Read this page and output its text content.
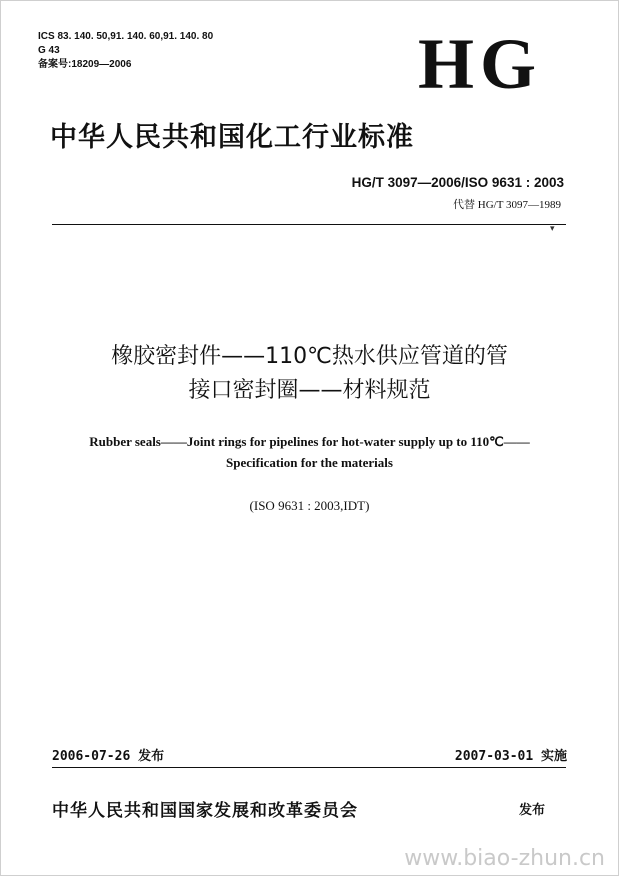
ICS 83. 140. 50,91. 140. 60,91. 140. 80
G 43
备案号:18209—2006	HG
中华人民共和国化工行业标准
HG/T 3097—2006/ISO 9631 : 2003
代替 HG/T 3097—1989
▾
橡胶密封件——110℃热水供应管道的管
接口密封圈——材料规范
Rubber seals——Joint rings for pipelines for hot-water supply up to 110℃——
Specification for the materials
(ISO 9631 : 2003,IDT)
2006-07-26 发布	2007-03-01 实施
中华人民共和国国家发展和改革委员会	发布
www.biao-zhun.cn
